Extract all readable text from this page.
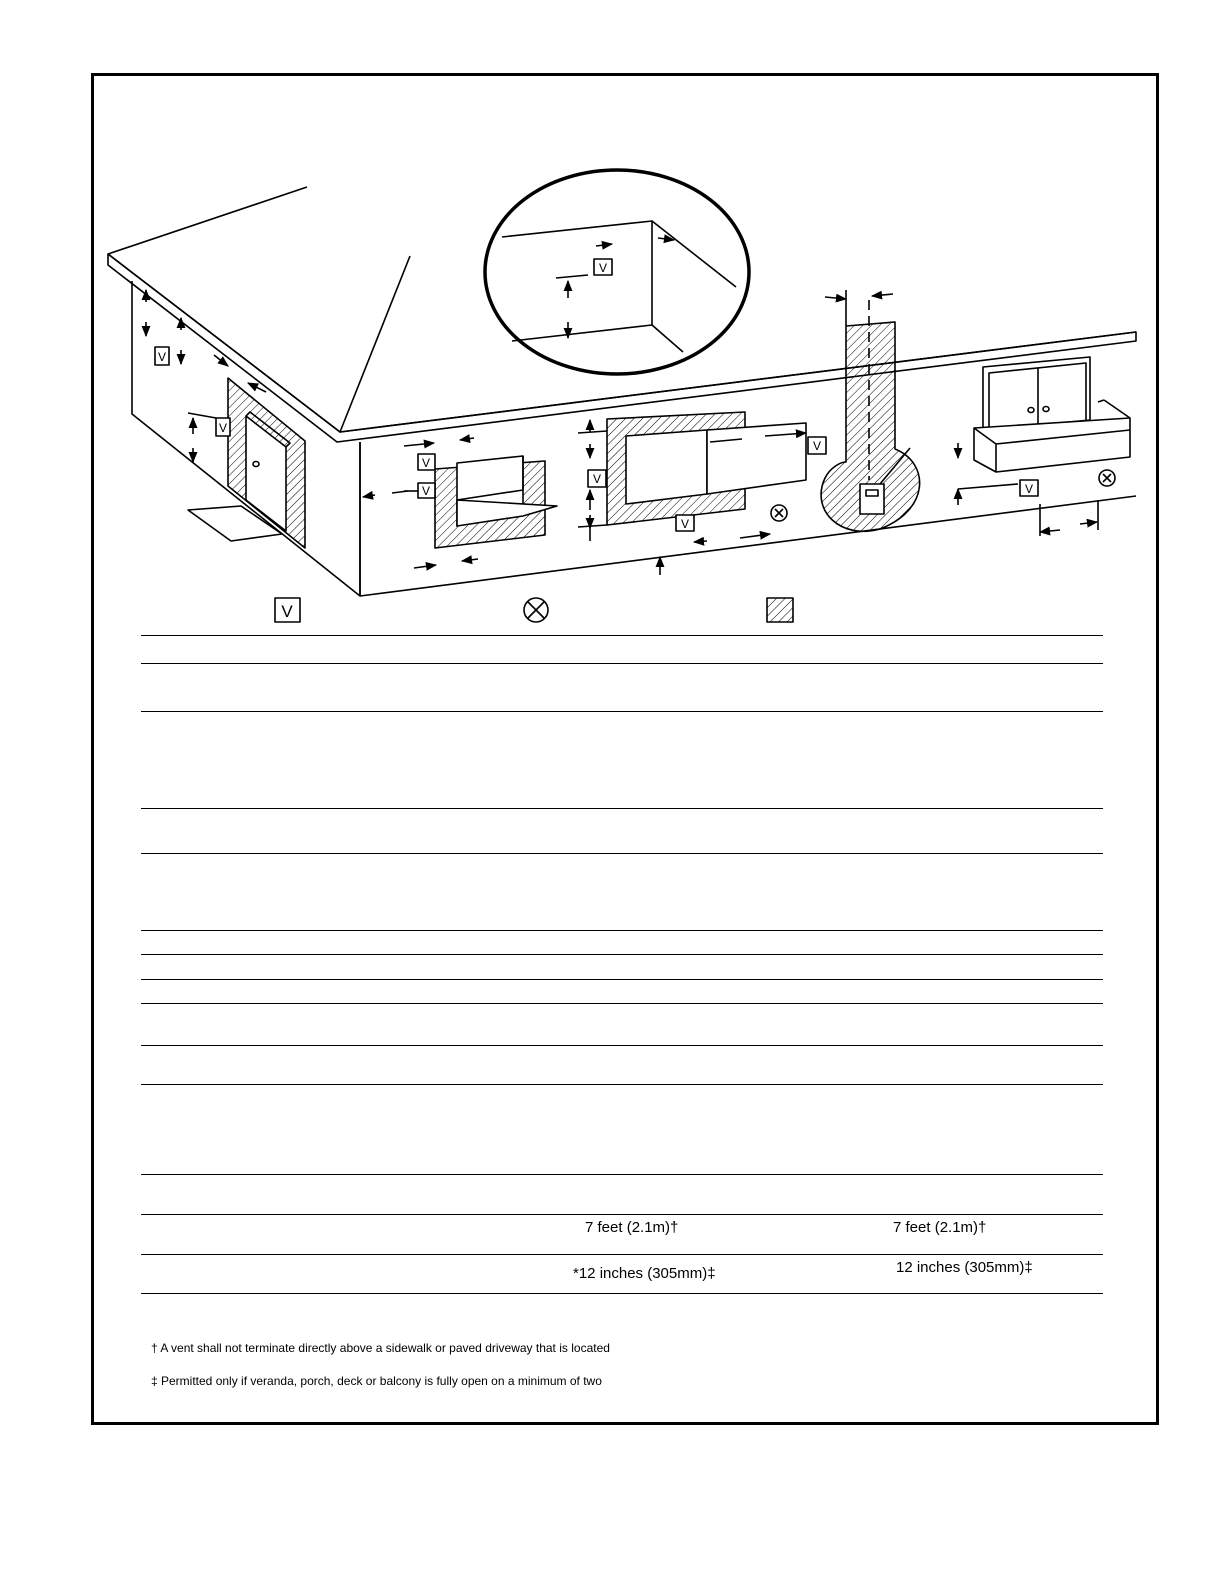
V
V
V
V
V
V
V
V
V
V
7 feet (2.1m)†	7 feet (2.1m)†
*12 inches (305mm)‡	12 inches (305mm)‡
† A vent shall not terminate directly above a sidewalk or paved driveway that is located
‡ Permitted only if veranda, porch, deck or balcony is fully open on a minimum of two
